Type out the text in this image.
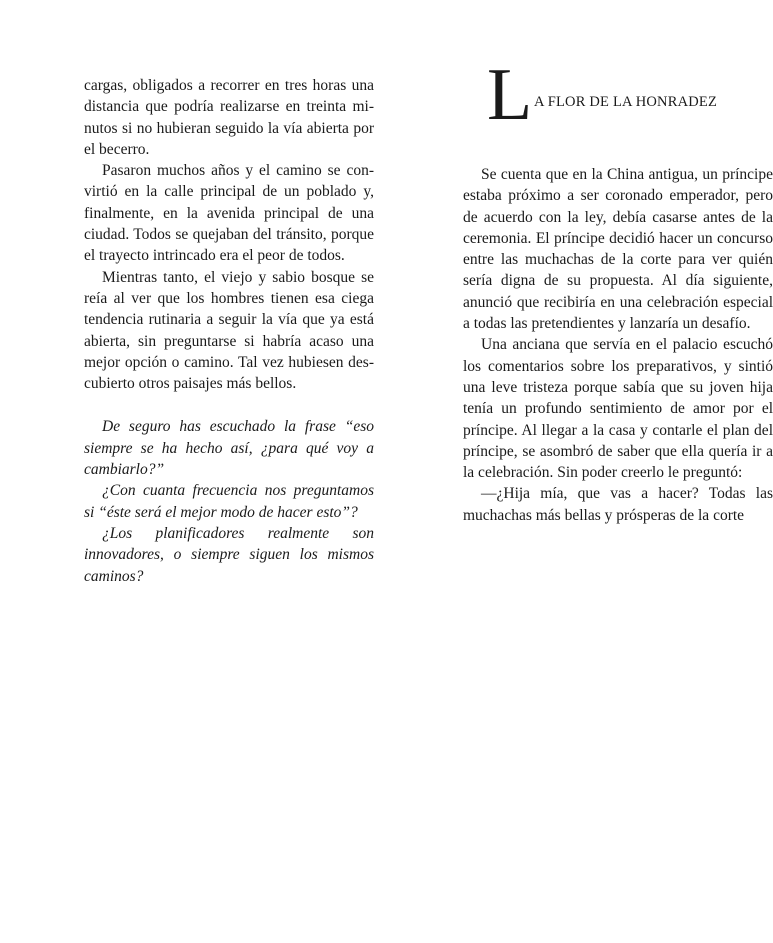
cargas, obligados a recorrer en tres horas una distancia que podría realizarse en treinta minutos si no hubieran seguido la vía abierta por el becerro.

Pasaron muchos años y el camino se convirtió en la calle principal de un poblado y, finalmente, en la avenida principal de una ciudad. Todos se quejaban del tránsito, porque el trayecto intrincado era el peor de todos.

Mientras tanto, el viejo y sabio bosque se reía al ver que los hombres tienen esa ciega tendencia rutinaria a seguir la vía que ya está abierta, sin preguntarse si habría acaso una mejor opción o camino. Tal vez hubiesen descubierto otros paisajes más bellos.

De seguro has escuchado la frase “eso siempre se ha hecho así, ¿para qué voy a cambiarlo?”

¿Con cuanta frecuencia nos preguntamos si “éste será el mejor modo de hacer esto”?

¿Los planificadores realmente son innovadores, o siempre siguen los mismos caminos?

L A FLOR DE LA HONRADEZ

Se cuenta que en la China antigua, un príncipe estaba próximo a ser coronado emperador, pero de acuerdo con la ley, debía casarse antes de la ceremonia. El príncipe decidió hacer un concurso entre las muchachas de la corte para ver quién sería digna de su propuesta. Al día siguiente, anunció que recibiría en una celebración especial a todas las pretendientes y lanzaría un desafío.

Una anciana que servía en el palacio escuchó los comentarios sobre los preparativos, y sintió una leve tristeza porque sabía que su joven hija tenía un profundo sentimiento de amor por el príncipe. Al llegar a la casa y contarle el plan del príncipe, se asombró de saber que ella quería ir a la celebración. Sin poder creerlo le preguntó:

—¿Hija mía, que vas a hacer? Todas las muchachas más bellas y prósperas de la corte
